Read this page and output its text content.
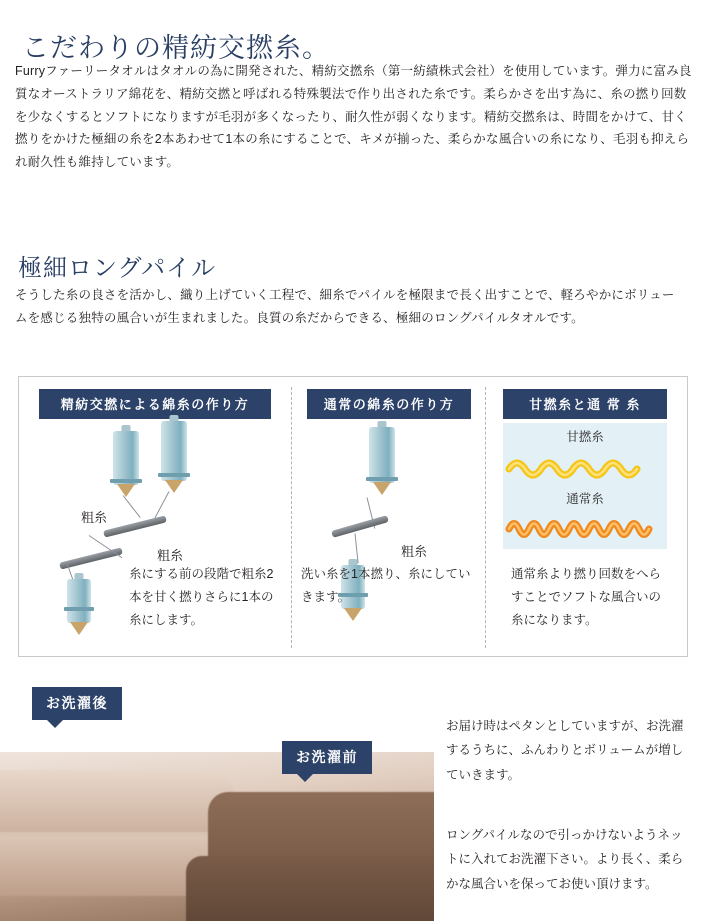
こだわりの精紡交撚糸。
Furryファーリータオルはタオルの為に開発された、精紡交撚糸（第一紡績株式会社）を使用しています。弾力に富み良質なオーストラリア綿花を、精紡交撚と呼ばれる特殊製法で作り出された糸です。柔らかさを出す為に、糸の撚り回数を少なくするとソフトになりますが毛羽が多くなったり、耐久性が弱くなります。精紡交撚糸は、時間をかけて、甘く撚りをかけた極細の糸を2本あわせて1本の糸にすることで、キメが揃った、柔らかな風合いの糸になり、毛羽も抑えられ耐久性も維持しています。
極細ロングパイル
そうした糸の良さを活かし、織り上げていく工程で、細糸でパイルを極限まで長く出すことで、軽ろやかにボリュームを感じる独特の風合いが生まれました。良質の糸だからできる、極細のロングパイルタオルです。
精紡交撚による綿糸の作り方	通常の綿糸の作り方	甘撚糸と通 常 糸
粗糸
粗糸
糸にする前の段階で粗糸2本を甘く撚りさらに1本の糸にします。
粗糸
洗い糸を1本撚り、糸にしていきます。
甘撚糸
通常糸
通常糸より撚り回数をへらすことでソフトな風合いの糸になります。
お洗濯後
お洗濯前
お届け時はペタンとしていますが、お洗濯するうちに、ふんわりとボリュームが増していきます。
ロングパイルなので引っかけないようネットに入れてお洗濯下さい。より長く、柔らかな風合いを保ってお使い頂けます。
